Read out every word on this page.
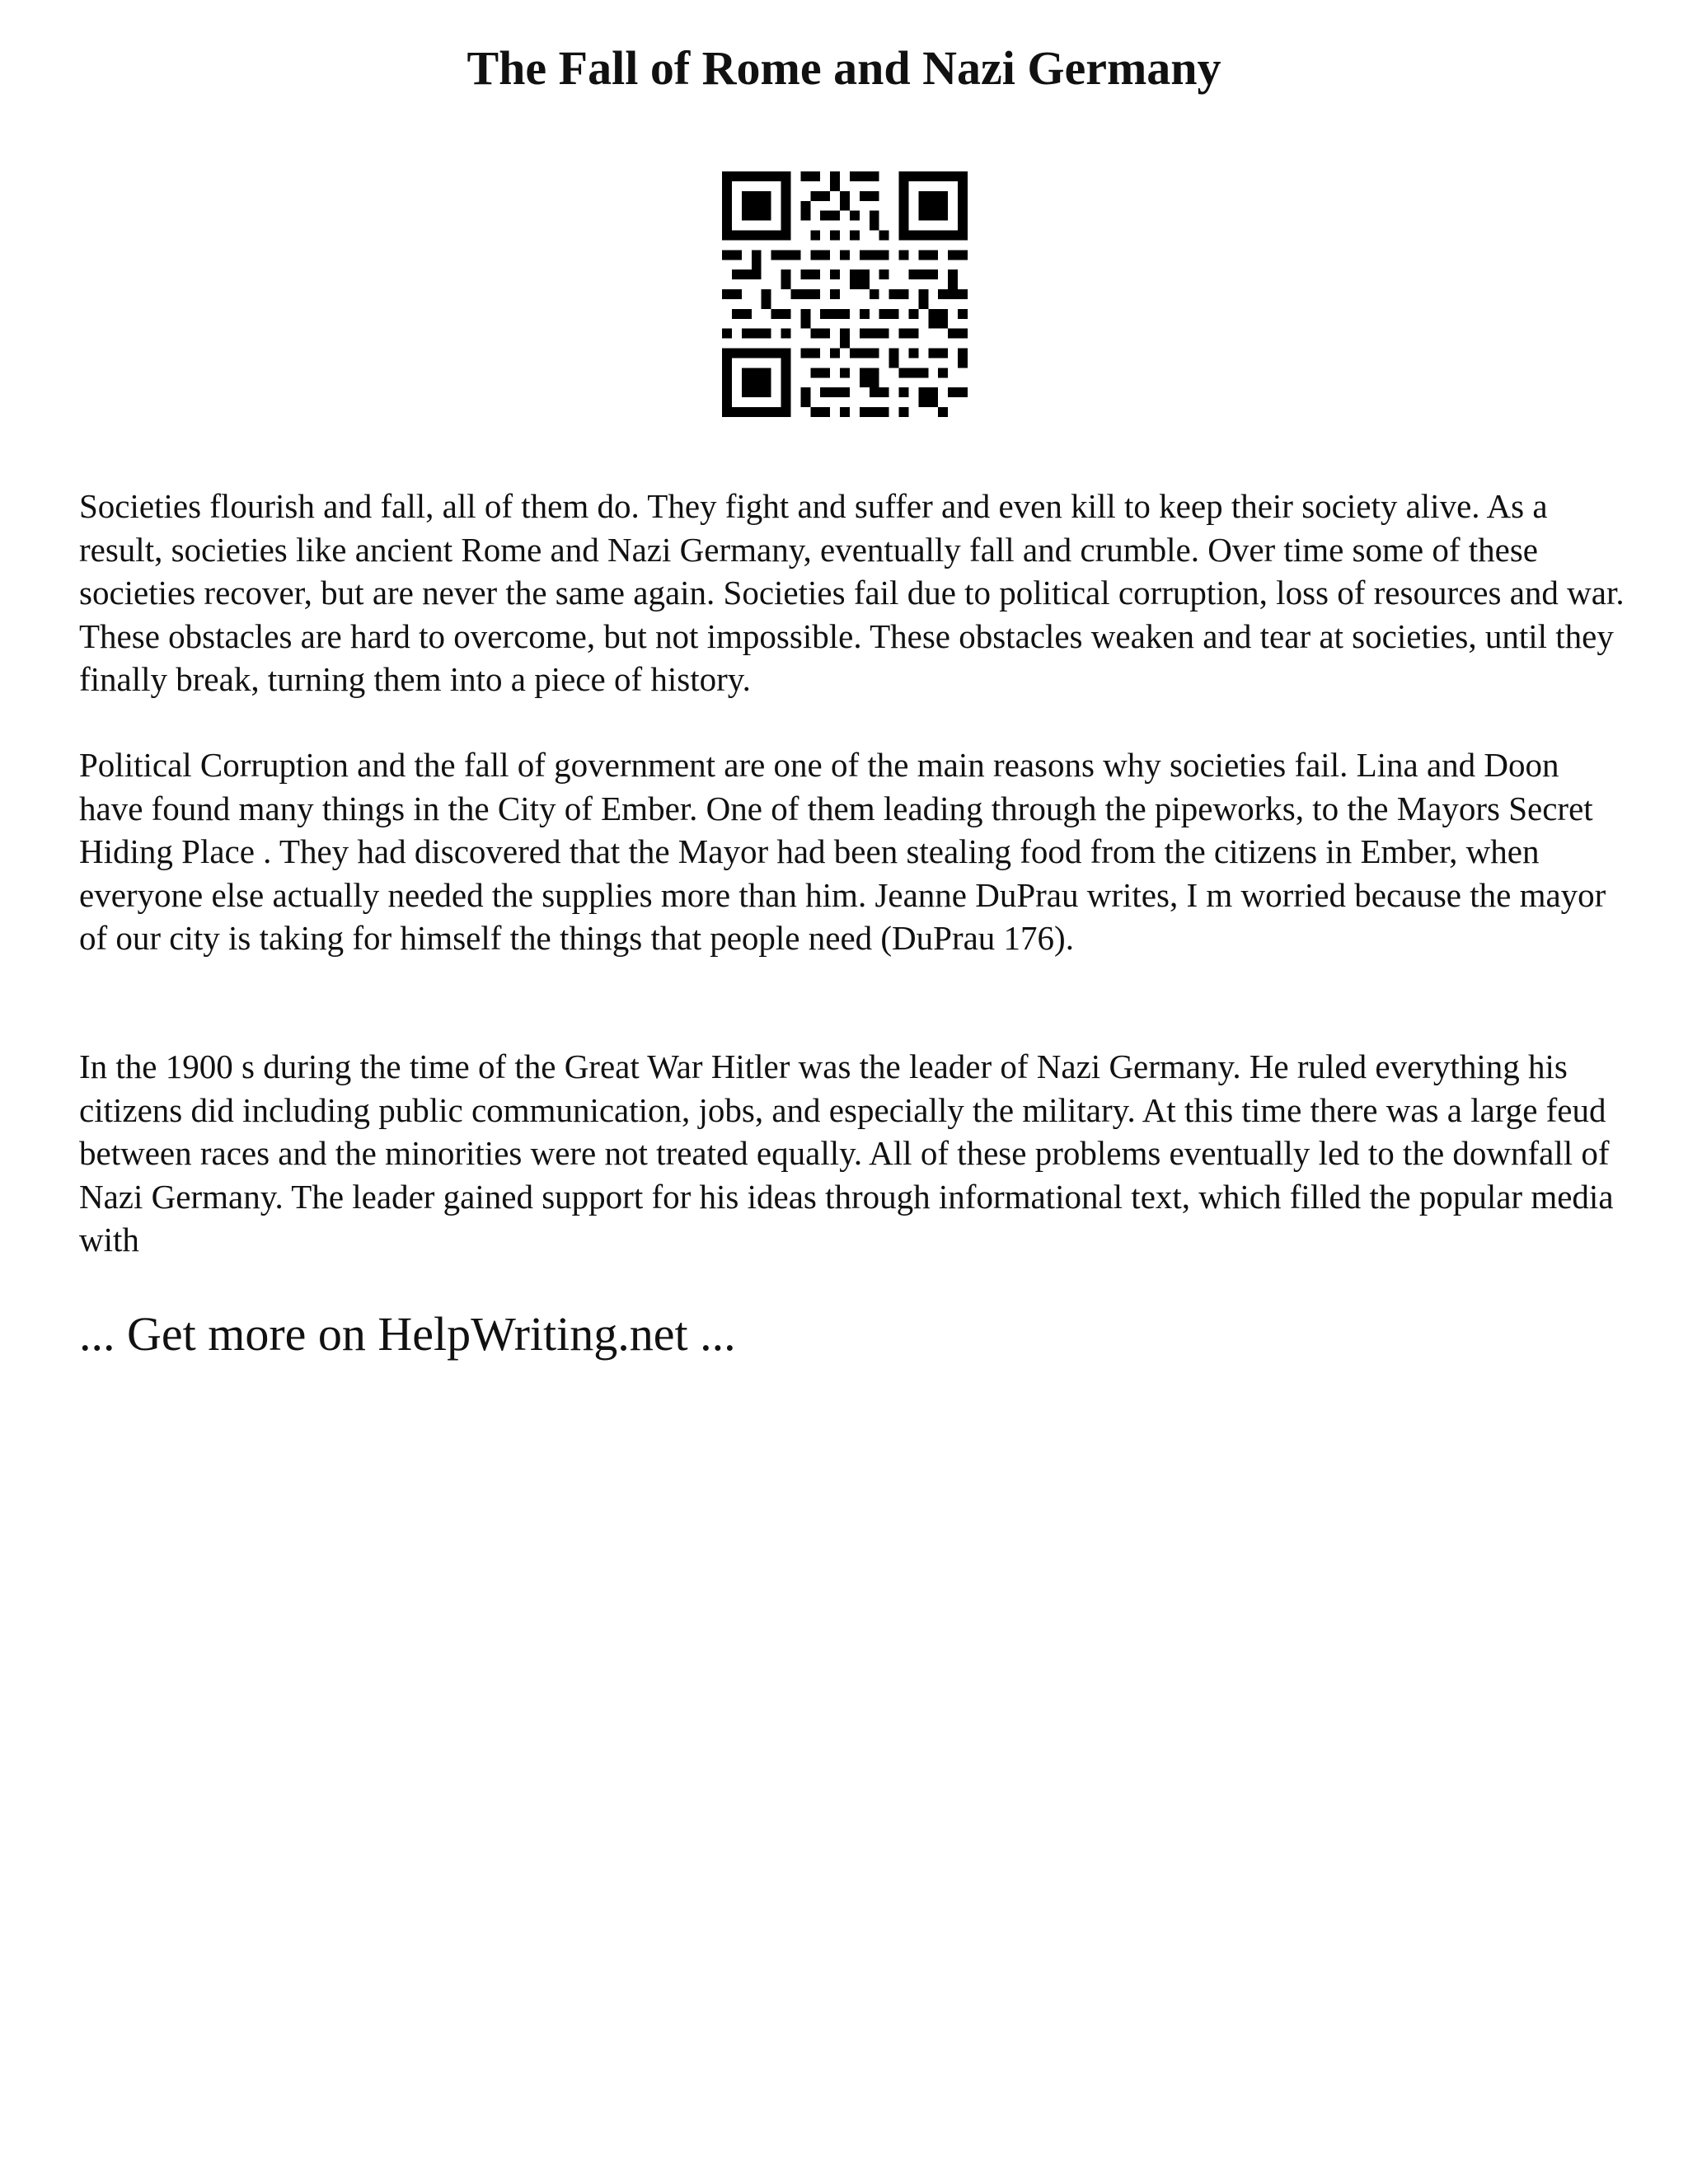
The Fall of Rome and Nazi Germany

Societies flourish and fall, all of them do. They fight and suffer and even kill to keep their society alive. As a result, societies like ancient Rome and Nazi Germany, eventually fall and crumble. Over time some of these societies recover, but are never the same again. Societies fail due to political corruption, loss of resources and war. These obstacles are hard to overcome, but not impossible. These obstacles weaken and tear at societies, until they finally break, turning them into a piece of history.

Political Corruption and the fall of government are one of the main reasons why societies fail. Lina and Doon have found many things in the City of Ember. One of them leading through the pipeworks, to the Mayors Secret Hiding Place . They had discovered that the Mayor had been stealing food from the citizens in Ember, when everyone else actually needed the supplies more than him. Jeanne DuPrau writes, I m worried because the mayor of our city is taking for himself the things that people need (DuPrau 176).

In the 1900 s during the time of the Great War Hitler was the leader of Nazi Germany. He ruled everything his citizens did including public communication, jobs, and especially the military. At this time there was a large feud between races and the minorities were not treated equally. All of these problems eventually led to the downfall of Nazi Germany. The leader gained support for his ideas through informational text, which filled the popular media with

... Get more on HelpWriting.net ...
